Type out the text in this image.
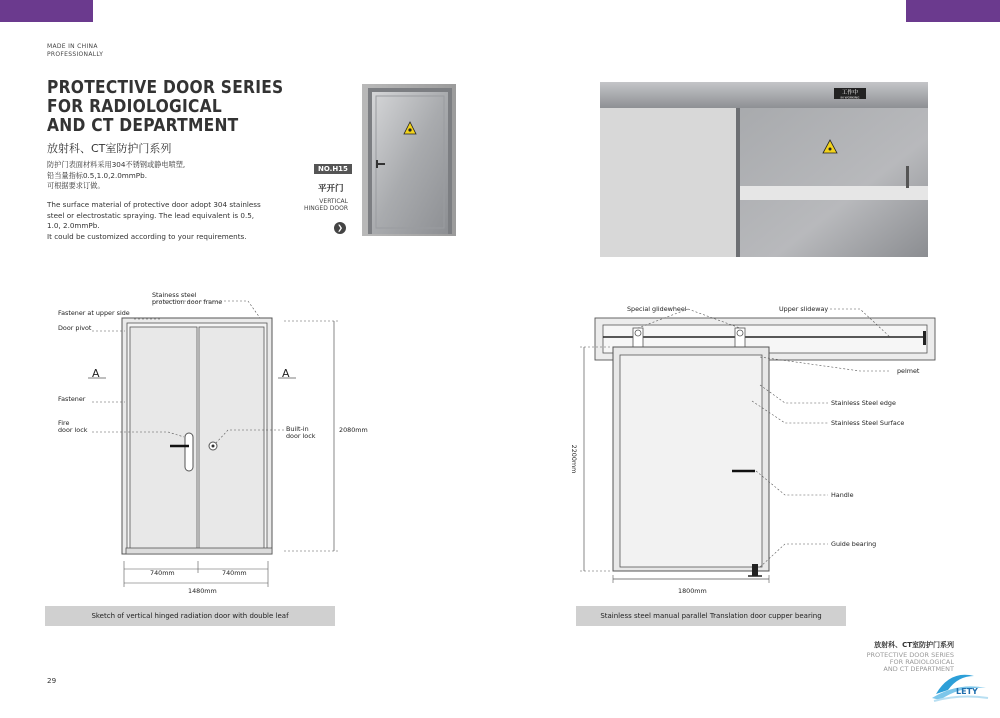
MADE IN CHINA
PROFESSIONALLY
PROTECTIVE DOOR SERIES
FOR RADIOLOGICAL
AND CT DEPARTMENT
放射科、CT室防护门系列
防护门表面材料采用304不锈钢或静电喷塑,
铅当量指标0.5,1.0,2.0mmPb.
可根据要求订做。
The surface material of protective door adopt 304 stainless
steel or electrostatic spraying. The lead equivalent is 0.5,
1.0, 2.0mmPb.
It could be customized according to your requirements.
NO.H15
平开门
VERTICAL
HINGED DOOR
❯
工作中
IN WORKING
Stainess steel
protection door frame
Fastener at upper side
Door pivot
Fastener
Fire
door lock	Built-in
door lock
A	A
2080mm
740mm	740mm
1480mm
Sketch of vertical hinged radiation door with double leaf
Special glidewheel	Upper slideway
pelmet
Stainless Steel edge
Stainless Steel Surface
Handle
Guide bearing
2200mm
1800mm
Stainless steel manual parallel Translation door cupper bearing
29
放射科、CT室防护门系列
PROTECTIVE DOOR SERIES
FOR RADIOLOGICAL
AND CT DEPARTMENT
LETY
